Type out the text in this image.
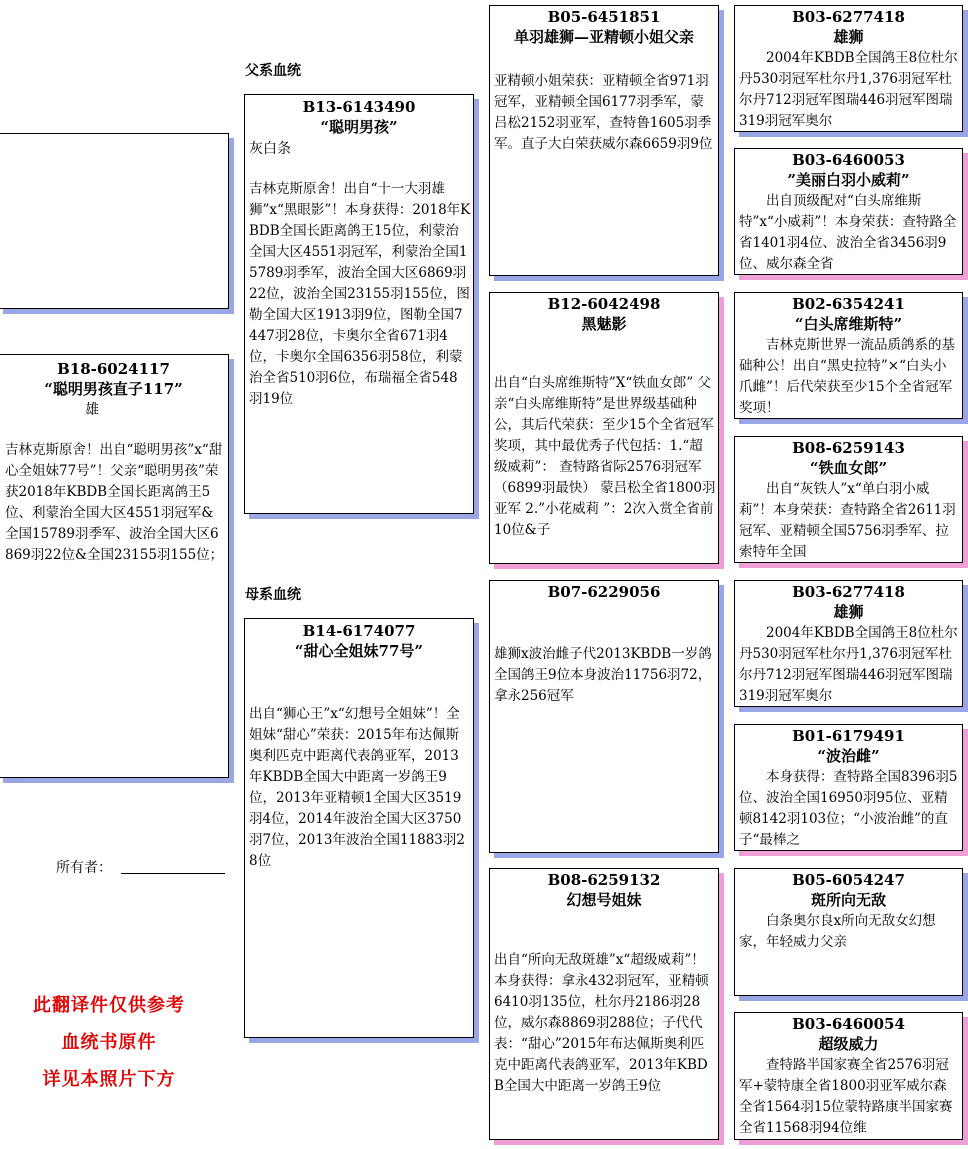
父系血统
母系血统
B18-6024117
“聪明男孩直子117”
雄
吉林克斯原舍！出自“聪明男孩”x“甜心全姐妹77号”！父亲“聪明男孩”荣获2018年KBDB全国长距离鸽王5位、利蒙治全国大区4551羽冠军&全国15789羽季军、波治全国大区6869羽22位&全国23155羽155位；
所有者：
此翻译件仅供参考
血统书原件
详见本照片下方
B13-6143490
“聪明男孩”
灰白条
吉林克斯原舍！出自“十一大羽雄狮”x“黑眼影”！本身获得：2018年KBDB全国长距离鸽王15位，利蒙治全国大区4551羽冠军，利蒙治全国15789羽季军，波治全国大区6869羽22位，波治全国23155羽155位，图勒全国大区1913羽9位，图勒全国7447羽28位，卡奥尔全省671羽4位，卡奥尔全国6356羽58位，利蒙治全省510羽6位，布瑞福全省548羽19位
B14-6174077
“甜心全姐妹77号”
出自“狮心王”x“幻想号全姐妹”！全姐妹“甜心”荣获：2015年布达佩斯奥利匹克中距离代表鸽亚军，2013年KBDB全国大中距离一岁鸽王9位，2013年亚精顿1全国大区3519羽4位，2014年波治全国大区3750羽7位，2013年波治全国11883羽28位
B05-6451851
单羽雄狮—亚精顿小姐父亲
亚精顿小姐荣获：亚精顿全省971羽冠军，亚精顿全国6177羽季军，蒙吕松2152羽亚军，查特鲁1605羽季军。直子大白荣获威尔森6659羽9位
B12-6042498
黑魅影
出自“白头席维斯特”X“铁血女郎” 父亲“白头席维斯特”是世界级基础种公，其后代荣获：至少15个全省冠军奖项，其中最优秀子代包括：1.“超级威莉”： 查特路省际2576羽冠军（6899羽最快） 蒙吕松全省1800羽亚军 2.”小花威莉 ”：2次入赏全省前10位&子
B07-6229056
雄狮x波治雌子代2013KBDB一岁鸽全国鸽王9位本身波治11756羽72，拿永256冠军
B08-6259132
幻想号姐妹
出自“所向无敌斑雄”x“超级威莉”！本身获得：拿永432羽冠军，亚精顿6410羽135位，杜尔丹2186羽28位，威尔森8869羽288位；子代代表：“甜心”2015年布达佩斯奥利匹克中距离代表鸽亚军，2013年KBDB全国大中距离一岁鸽王9位
B03-6277418
雄狮
2004年KBDB全国鸽王8位杜尔丹530羽冠军杜尔丹1,376羽冠军杜尔丹712羽冠军图瑞446羽冠军图瑞319羽冠军奥尔
B03-6460053
”美丽白羽小威莉”
出自顶级配对“白头席维斯特”x“小威莉”！本身荣获：查特路全省1401羽4位、波治全省3456羽9位、威尔森全省
B02-6354241
“白头席维斯特”
吉林克斯世界一流品质鸽系的基础种公！出自“黑史拉特”×“白头小爪雌”！后代荣获至少15个全省冠军奖项！
B08-6259143
“铁血女郎”
出自“灰铁人”x“单白羽小威莉”！本身荣获：查特路全省2611羽冠军、亚精顿全国5756羽季军、拉索特年全国
B03-6277418
雄狮
2004年KBDB全国鸽王8位杜尔丹530羽冠军杜尔丹1,376羽冠军杜尔丹712羽冠军图瑞446羽冠军图瑞319羽冠军奥尔
B01-6179491
“波治雌”
本身获得：查特路全国8396羽5位、波治全国16950羽95位、亚精顿8142羽103位；“小波治雌”的直子“最棒之
B05-6054247
斑所向无敌
白条奥尔良x所向无敌女幻想家，年轻威力父亲
B03-6460054
超级威力
查特路半国家赛全省2576羽冠军+蒙特康全省1800羽亚军威尔森全省1564羽15位蒙特路康半国家赛全省11568羽94位维
